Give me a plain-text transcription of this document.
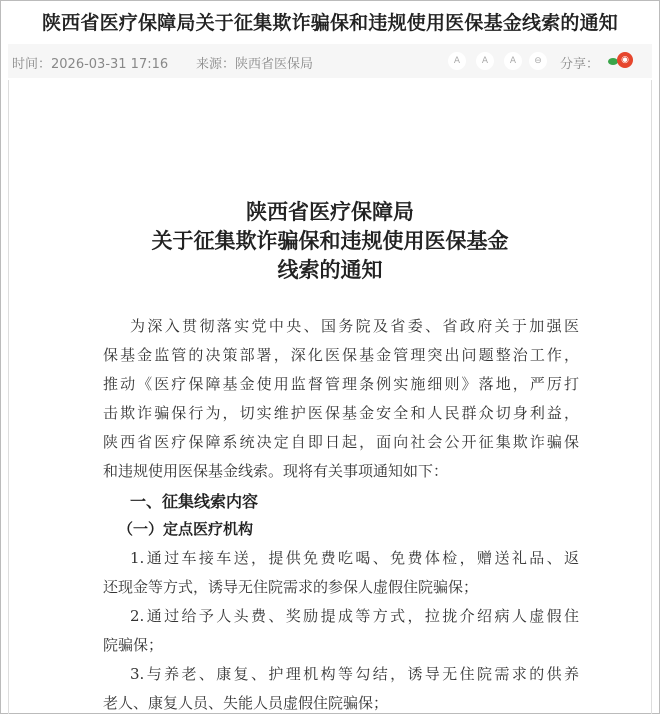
陕西省医疗保障局关于征集欺诈骗保和违规使用医保基金线索的通知
时间：2026-03-31 17:16 来源：陕西省医保局	A	A	A	⊖	分享：	◉
陕西省医疗保障局
关于征集欺诈骗保和违规使用医保基金
线索的通知
为深入贯彻落实党中央、国务院及省委、省政府关于加强医
保基金监管的决策部署，深化医保基金管理突出问题整治工作，
推动《医疗保障基金使用监督管理条例实施细则》落地，严厉打
击欺诈骗保行为，切实维护医保基金安全和人民群众切身利益，
陕西省医疗保障系统决定自即日起，面向社会公开征集欺诈骗保
和违规使用医保基金线索。现将有关事项通知如下：
一、征集线索内容
（一）定点医疗机构
1.通过车接车送，提供免费吃喝、免费体检，赠送礼品、返
还现金等方式，诱导无住院需求的参保人虚假住院骗保；
2.通过给予人头费、奖励提成等方式，拉拢介绍病人虚假住
院骗保；
3.与养老、康复、护理机构等勾结，诱导无住院需求的供养
老人、康复人员、失能人员虚假住院骗保；
